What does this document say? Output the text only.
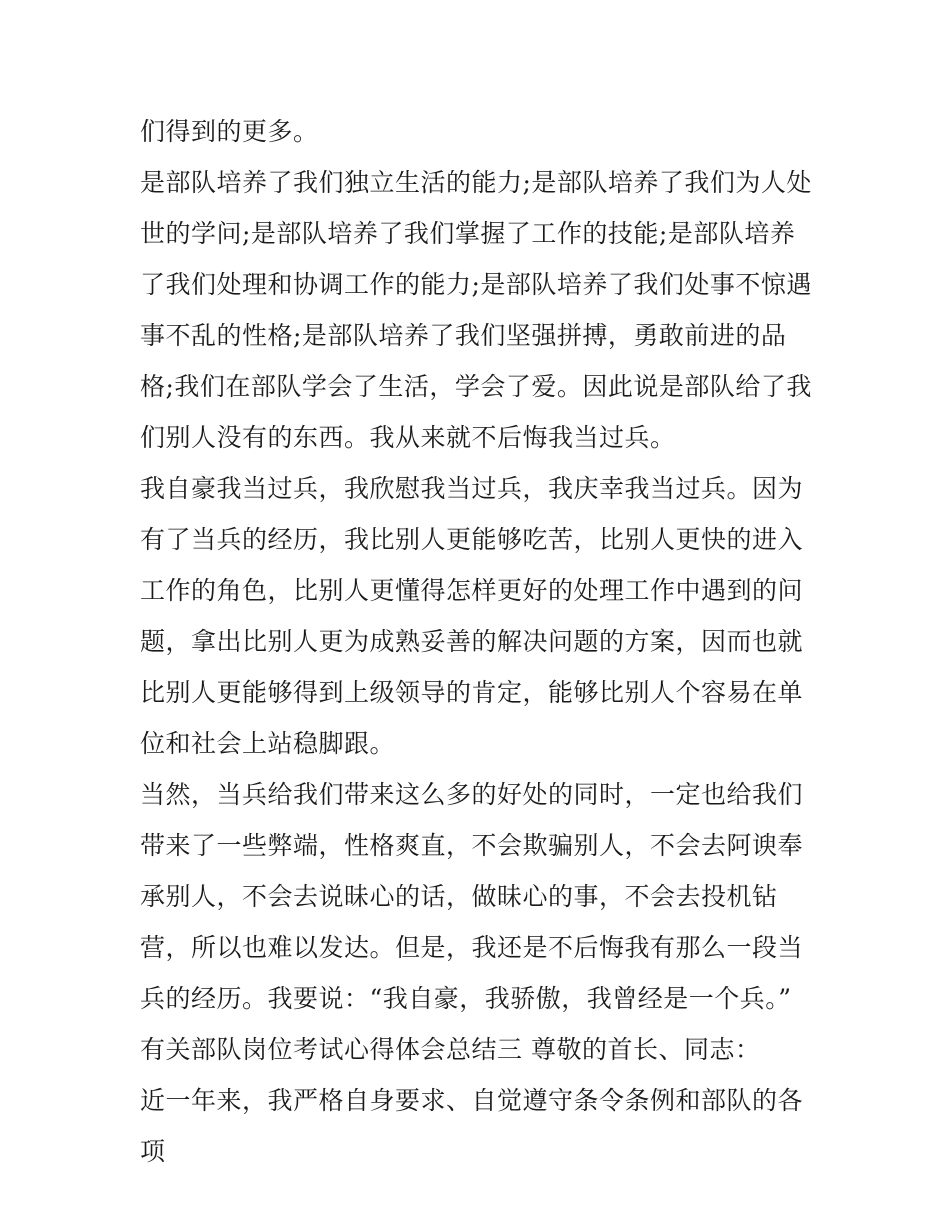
们得到的更多。

是部队培养了我们独立生活的能力;是部队培养了我们为人处世的学问;是部队培养了我们掌握了工作的技能;是部队培养了我们处理和协调工作的能力;是部队培养了我们处事不惊遇事不乱的性格;是部队培养了我们坚强拼搏，勇敢前进的品格;我们在部队学会了生活，学会了爱。因此说是部队给了我们别人没有的东西。我从来就不后悔我当过兵。

我自豪我当过兵，我欣慰我当过兵，我庆幸我当过兵。因为有了当兵的经历，我比别人更能够吃苦，比别人更快的进入工作的角色，比别人更懂得怎样更好的处理工作中遇到的问题，拿出比别人更为成熟妥善的解决问题的方案，因而也就比别人更能够得到上级领导的肯定，能够比别人个容易在单位和社会上站稳脚跟。

当然，当兵给我们带来这么多的好处的同时，一定也给我们带来了一些弊端，性格爽直，不会欺骗别人，不会去阿谀奉承别人，不会去说昧心的话，做昧心的事，不会去投机钻营，所以也难以发达。但是，我还是不后悔我有那么一段当兵的经历。我要说：“我自豪，我骄傲，我曾经是一个兵。” 有关部队岗位考试心得体会总结三 尊敬的首长、同志：

近一年来，我严格自身要求、自觉遵守条令条例和部队的各项
